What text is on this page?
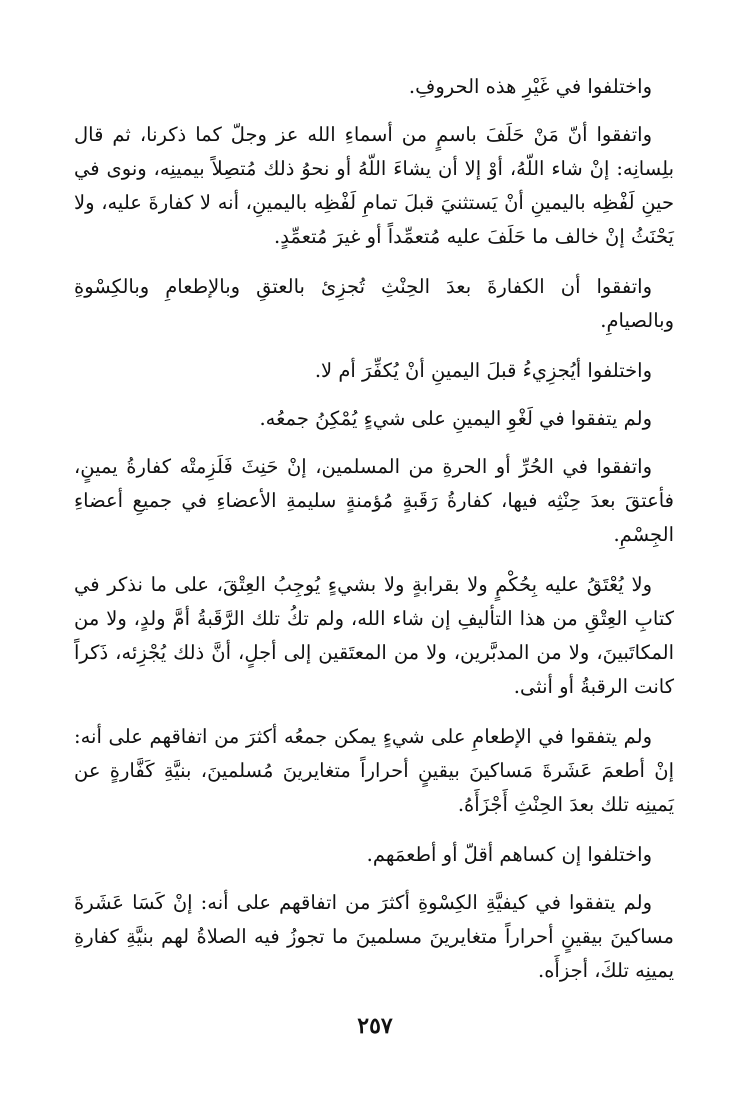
واختلفوا في غَيْرِ هذه الحروفِ.

واتفقوا أنّ مَنْ حَلَفَ باسمٍ من أسماءِ الله عز وجلّ كما ذكرنا، ثم قال بلِسانِه: إنْ شاء اللّهُ، أوْ إلا أن يشاءَ اللّهُ أو نحوُ ذلك مُتصِلاً بيمينِه، ونوى في حينِ لَفْظِه باليمينِ أنْ يَستثنيَ قبلَ تمامِ لَفْظِه باليمينِ، أنه لا كفارةَ عليه، ولا يَحْنَثُ إنْ خالف ما حَلَفَ عليه مُتعمِّداً أو غيرَ مُتعمِّدٍ.

واتفقوا أن الكفارةَ بعدَ الحِنْثِ تُجزِئ بالعتقِ وبالإطعامِ وبالكِسْوةِ وبالصيامِ.

واختلفوا أيُجزِيءُ قبلَ اليمينِ أنْ يُكفِّرَ أم لا.

ولم يتفقوا في لَغْوِ اليمينِ على شيءٍ يُمْكِنُ جمعُه.

واتفقوا في الحُرِّ أو الحرةِ من المسلمين، إنْ حَنِثَ فَلَزِمتْه كفارةُ يمينٍ، فأعتقَ بعدَ حِنْثِه فيها، كفارةُ رَقَبةٍ مُؤمنةٍ سليمةِ الأعضاءِ في جميعِ أعضاءِ الجِسْمِ.

ولا يُعْتَقُ عليه بِحُكْمٍ ولا بقرابةٍ ولا بشيءٍ يُوجِبُ العِتْقَ، على ما نذكر في كتابِ العِتْقِ من هذا التأليفِ إن شاء الله، ولم تكُ تلك الرَّقَبةُ أمَّ ولدٍ، ولا من المكاتَبينَ، ولا من المدبَّرين، ولا من المعتَقين إلى أجلٍ، أنَّ ذلك يُجْزِئه، ذَكراً كانت الرقبةُ أو أنثى.

ولم يتفقوا في الإطعامِ على شيءٍ يمكن جمعُه أكثرَ من اتفاقهم على أنه: إنْ أطعمَ عَشَرةَ مَساكينَ بيقينٍ أحراراً متغايرينَ مُسلمينَ، بنيَّةِ كَفَّارةٍ عن يَمينِه تلك بعدَ الحِنْثِ أَجْزَأَهُ.

واختلفوا إن كساهم أقلّ أو أطعمَهم.

ولم يتفقوا في كيفيَّةِ الكِسْوةِ أكثرَ من اتفاقهم على أنه: إنْ كَسَا عَشَرةَ مساكينَ بيقينٍ أحراراً متغايرينَ مسلمينَ ما تجوزُ فيه الصلاةُ لهم بنيَّةِ كفارةِ يمينِه تلكَ، أجزأَه.

٢٥٧
